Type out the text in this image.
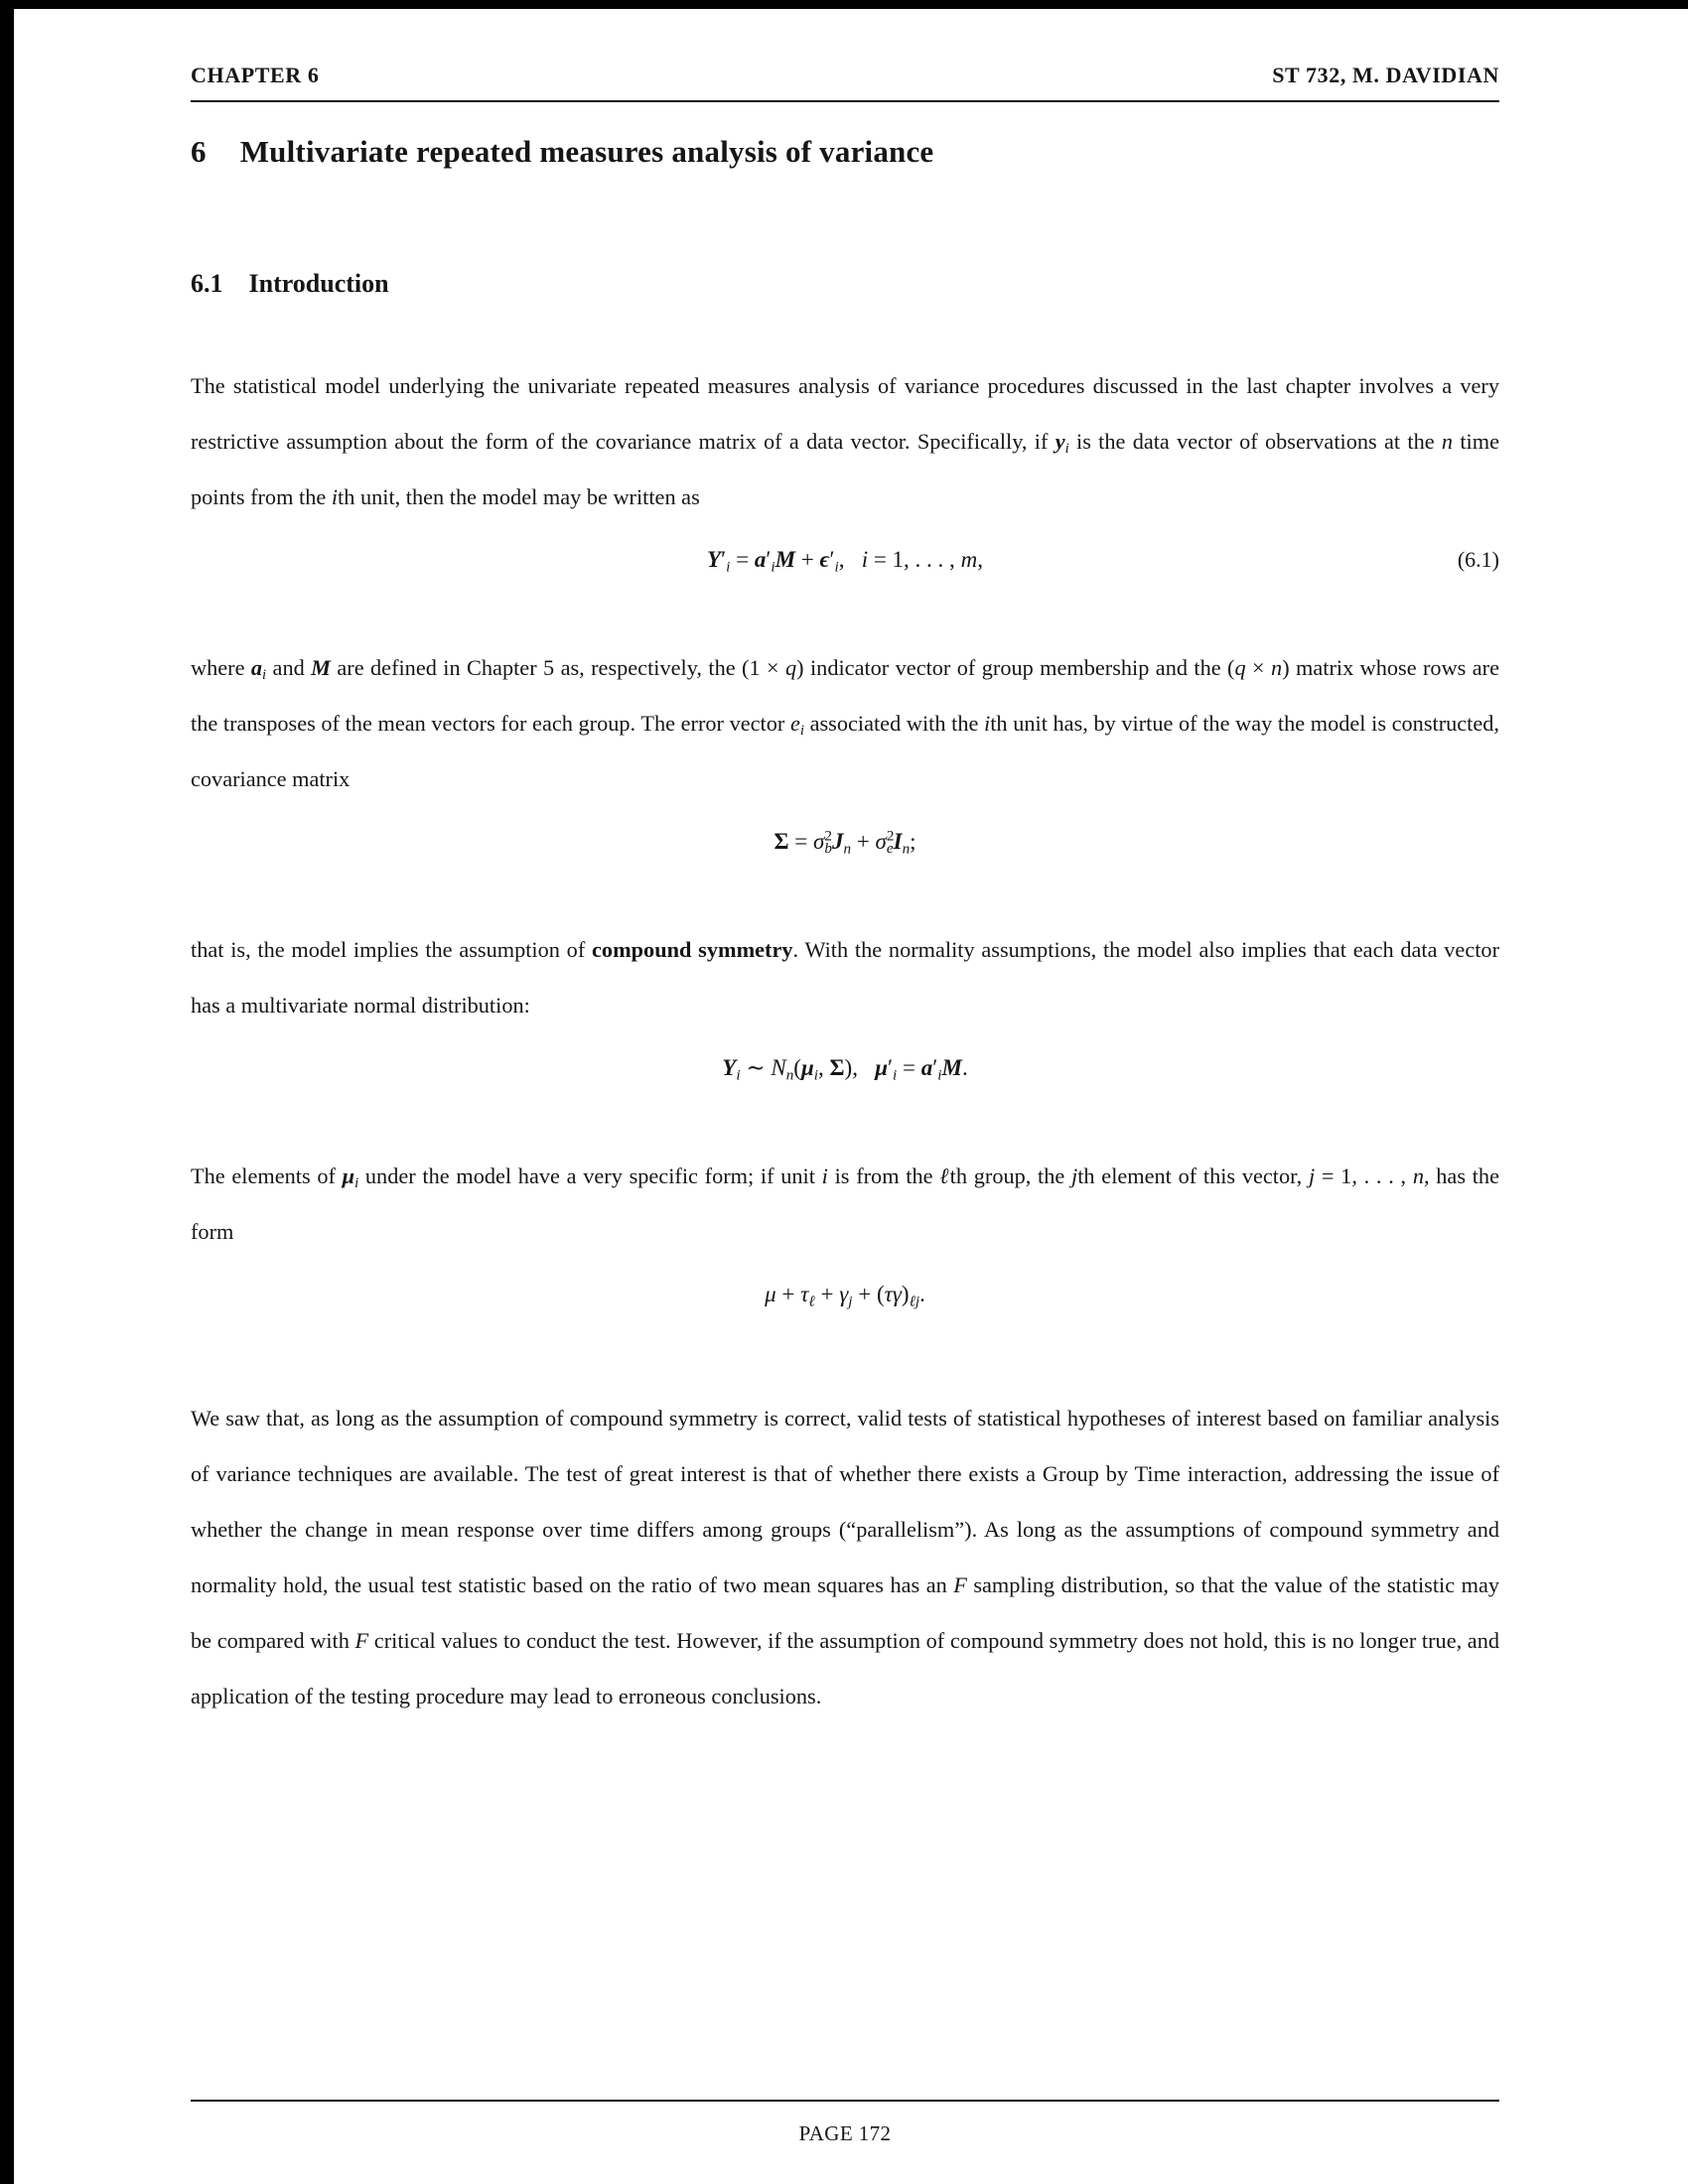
CHAPTER 6	ST 732, M. DAVIDIAN
6 Multivariate repeated measures analysis of variance
6.1 Introduction

The statistical model underlying the univariate repeated measures analysis of variance procedures discussed in the last chapter involves a very restrictive assumption about the form of the covariance matrix of a data vector. Specifically, if $y_i$ is the data vector of observations at the n time points from the ith unit, then the model may be written as

$Y'_i = a'_iM + \epsilon'_i$,   i = 1, . . . , m,	(6.1)

where $a_i$ and M are defined in Chapter 5 as, respectively, the (1 × q) indicator vector of group membership and the (q × n) matrix whose rows are the transposes of the mean vectors for each group. The error vector $e_i$ associated with the ith unit has, by virtue of the way the model is constructed, covariance matrix

$\Sigma = \sigma^2_bJ_n + \sigma^2_eI_n$;

that is, the model implies the assumption of compound symmetry. With the normality assumptions, the model also implies that each data vector has a multivariate normal distribution:

$Y_i$ ∼ $N_n(\mu_i$, Σ),   $\mu'_i = a'_iM$.

The elements of $\mu_i$ under the model have a very specific form; if unit i is from the ℓth group, the jth element of this vector, j = 1, . . . , n, has the form

$\mu + \tau_\ell + \gamma_j + (\tau\gamma)_{\ell j}$.

We saw that, as long as the assumption of compound symmetry is correct, valid tests of statistical hypotheses of interest based on familiar analysis of variance techniques are available. The test of great interest is that of whether there exists a Group by Time interaction, addressing the issue of whether the change in mean response over time differs among groups (“parallelism”). As long as the assumptions of compound symmetry and normality hold, the usual test statistic based on the ratio of two mean squares has an F sampling distribution, so that the value of the statistic may be compared with F critical values to conduct the test. However, if the assumption of compound symmetry does not hold, this is no longer true, and application of the testing procedure may lead to erroneous conclusions.

PAGE 172
